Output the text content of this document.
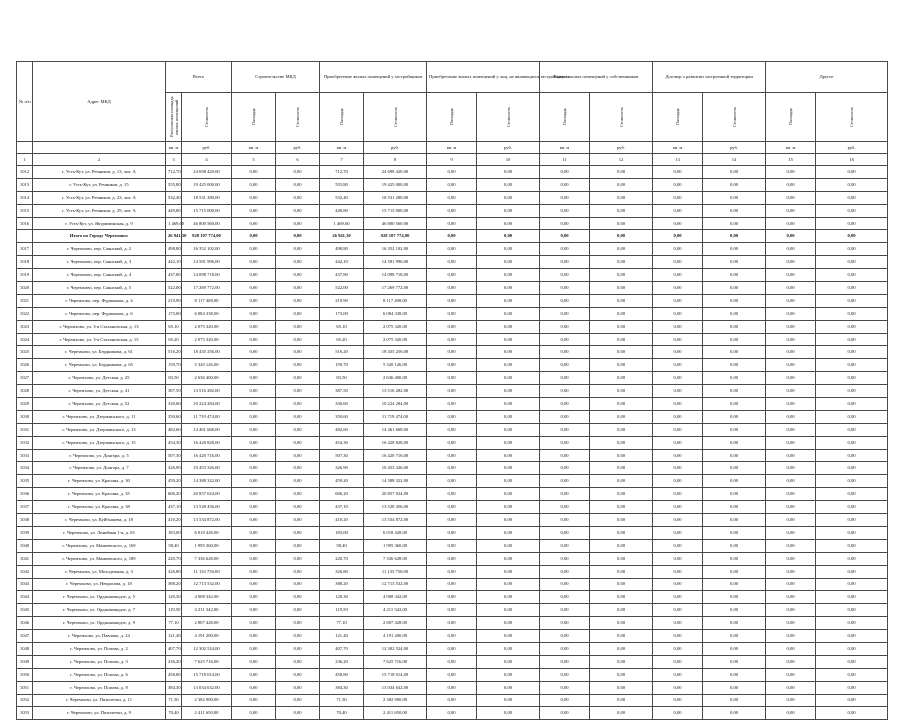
№ п/п	Адрес МКД	Всего		Строительство МКД		Приобретение жилых помещений у застройщиков		Приобретение жилых помещений у лиц, не являющихся застройщиком		Выкуп жилых помещений у собственников		Договор о развитии застроенной территории		Другое	

		Расселяемая площадь жилых помещений	Стоимость	Площадь	Стоимость	Площадь	Стоимость	Площадь	Стоимость	Площадь	Стоимость	Площадь	Стоимость	Площадь	Стоимость

		кв. м	руб.	кв. м	руб.	кв. м	руб.	кв. м	руб.	кв. м	руб.	кв. м	руб.	кв. м	руб.
1	2	3	4	5	6	7	8	9	10	11	12	13	14	15	16
1012	г. Усть-Кут, ул. Речников, д. 13, лит. А	712,70	24 698 420,00	0,00	0,00	712,70	24 698 420,00	0,00	0,00	0,00	0,00	0,00	0,00	0,00	0,00
1013	г. Усть-Кут, ул. Речников, д. 15	555,80	19 425 000,00	0,00	0,00	555,80	19 425 000,00	0,00	0,00	0,00	0,00	0,00	0,00	0,00	0,00
1014	г. Усть-Кут, ул. Речников, д. 23, лит. А	532,40	18 531 280,00	0,00	0,00	532,40	18 531 280,00	0,00	0,00	0,00	0,00	0,00	0,00	0,00	0,00
1015	г. Усть-Кут, ул. Речников, д. 29, лит. А	449,80	15 715 000,00	0,00	0,00	449,80	15 715 000,00	0,00	0,00	0,00	0,00	0,00	0,00	0,00	0,00
1016	г. Усть-Кут, ул. Якуриминская, д. 9	1 469,60	46 800 560,00	0,00	0,00	1 469,60	46 800 560,00	0,00	0,00	0,00	0,00	0,00	0,00	0,00	0,00
	Итого по Городу Черемхово:	26 941,30	928 107 774,00	0,00	0,00	26 941,30	928 107 774,00	0,00	0,00	0,00	0,00	0,00	0,00	0,00	0,00
1017	г. Черемхово, пер. Саянский, д. 2	498,80	16 352 102,00	0,00	0,00	498,80	16 352 102,00	0,00	0,00	0,00	0,00	0,00	0,00	0,00	0,00
1018	г. Черемхово, пер. Саянский, д. 3	442,10	14 581 996,00	0,00	0,00	442,10	14 581 996,00	0,00	0,00	0,00	0,00	0,00	0,00	0,00	0,00
1019	г. Черемхово, пер. Саянский, д. 4	437,80	14 098 718,00	0,00	0,00	437,80	14 098 718,00	0,00	0,00	0,00	0,00	0,00	0,00	0,00	0,00
1020	г. Черемхово, пер. Саянский, д. 5	522,00	17 269 772,00	0,00	0,00	522,00	17 269 772,00	0,00	0,00	0,00	0,00	0,00	0,00	0,00	0,00
1021	г. Черемхово, пер. Фурманова, д. 4	219,90	8 117 408,00	0,00	0,00	219,90	8 117 408,00	0,00	0,00	0,00	0,00	0,00	0,00	0,00	0,00
1022	г. Черемхово, пер. Фурманова, д. 6	173,00	6 084 338,00	0,00	0,00	173,00	6 084 338,00	0,00	0,00	0,00	0,00	0,00	0,00	0,00	0,00
1023	г. Черемхово, ул. 3-я Стахановская, д. 13	65,10	2 075 320,00	0,00	0,00	65,10	2 075 320,00	0,00	0,00	0,00	0,00	0,00	0,00	0,00	0,00
1024	г. Черемхово, ул. 3-я Стахановская, д. 15	65,20	2 075 320,00	0,00	0,00	65,20	2 075 320,00	0,00	0,00	0,00	0,00	0,00	0,00	0,00	0,00
1025	г. Черемхово, ул. Бердникова, д. 61	516,20	18 435 256,00	0,00	0,00	516,20	18 435 256,00	0,00	0,00	0,00	0,00	0,00	0,00	0,00	0,00
1026	г. Черемхово, ул. Бердникова, д. 65	159,70	5 320 126,00	0,00	0,00	159,70	5 320 126,00	0,00	0,00	0,00	0,00	0,00	0,00	0,00	0,00
1027	г. Черемхово, ул. Детская, д. 25	83,50	2 636 400,00	0,00	0,00	83,50	2 636 400,00	0,00	0,00	0,00	0,00	0,00	0,00	0,00	0,00
1028	г. Черемхово, ул. Детская, д. 41	387,50	13 516 282,00	0,00	0,00	387,50	13 516 282,00	0,00	0,00	0,00	0,00	0,00	0,00	0,00	0,00
1029	г. Черемхово, ул. Детская, д. 52	330,60	10 224 284,00	0,00	0,00	330,60	10 224 284,00	0,00	0,00	0,00	0,00	0,00	0,00	0,00	0,00
1030	г. Черемхово, ул. Дзержинского, д. 11	350,60	11 719 474,00	0,00	0,00	350,60	11 719 474,00	0,00	0,00	0,00	0,00	0,00	0,00	0,00	0,00
1031	г. Черемхово, ул. Дзержинского, д. 13	482,60	14 461 668,00	0,00	0,00	482,60	14 461 668,00	0,00	0,00	0,00	0,00	0,00	0,00	0,00	0,00
1032	г. Черемхово, ул. Дзержинского, д. 15	454,30	16 428 828,00	0,00	0,00	454,30	16 428 828,00	0,00	0,00	0,00	0,00	0,00	0,00	0,00	0,00
1033	г. Черемхово, ул. Донгора, д. 5	507,30	16 420 716,00	0,00	0,00	507,30	16 420 716,00	0,00	0,00	0,00	0,00	0,00	0,00	0,00	0,00
1034	г. Черемхово, ул. Донгора, д. 7	326,90	10 453 326,00	0,00	0,00	326,90	10 453 326,00	0,00	0,00	0,00	0,00	0,00	0,00	0,00	0,00
1035	г. Черемхово, ул. Красина, д. 30	459,20	14 388 322,00	0,00	0,00	459,20	14 388 322,00	0,00	0,00	0,00	0,00	0,00	0,00	0,00	0,00
1036	г. Черемхово, ул. Красина, д. 35	606,20	20 857 024,00	0,00	0,00	606,20	20 857 024,00	0,00	0,00	0,00	0,00	0,00	0,00	0,00	0,00
1037	г. Черемхово, ул. Красина, д. 38	437,10	13 528 456,00	0,00	0,00	437,10	13 528 456,00	0,00	0,00	0,00	0,00	0,00	0,00	0,00	0,00
1038	г. Черемхово, ул. Куйбышева, д. 18	410,20	13 534 872,00	0,00	0,00	410,20	13 534 872,00	0,00	0,00	0,00	0,00	0,00	0,00	0,00	0,00
1039	г. Черемхово, ул. Линейная 1-я, д. 65	183,00	6 018 428,00	0,00	0,00	183,00	6 018 428,00	0,00	0,00	0,00	0,00	0,00	0,00	0,00	0,00
1040	г. Черемхово, ул. Мамаевского, д. 169	58,40	1 995 360,00	0,00	0,00	58,40	1 995 360,00	0,00	0,00	0,00	0,00	0,00	0,00	0,00	0,00
1041	г. Черемхово, ул. Мамаевского, д. 189	220,70	7 336 628,00	0,00	0,00	220,70	7 336 628,00	0,00	0,00	0,00	0,00	0,00	0,00	0,00	0,00
1042	г. Черемхово, ул. Молодежная, д. 3	326,80	11 133 750,00	0,00	0,00	326,80	11 133 750,00	0,00	0,00	0,00	0,00	0,00	0,00	0,00	0,00
1043	г. Черемхово, ул. Некрасова, д. 18	388,20	12 713 532,00	0,00	0,00	388,20	12 713 532,00	0,00	0,00	0,00	0,00	0,00	0,00	0,00	0,00
1044	г. Черемхово, ул. Орджоникидзе, д. 5	120,30	4 008 342,00	0,00	0,00	120,30	4 008 342,00	0,00	0,00	0,00	0,00	0,00	0,00	0,00	0,00
1045	г. Черемхово, ул. Орджоникидзе, д. 7	119,50	4 211 342,00	0,00	0,00	119,50	4 211 342,00	0,00	0,00	0,00	0,00	0,00	0,00	0,00	0,00
1046	г. Черемхово, ул. Орджоникидзе, д. 9	77,10	2 807 428,00	0,00	0,00	77,10	2 807 428,00	0,00	0,00	0,00	0,00	0,00	0,00	0,00	0,00
1047	г. Черемхово, ул. Павлова, д. 24	121,40	4 191 200,00	0,00	0,00	121,40	4 191 200,00	0,00	0,00	0,00	0,00	0,00	0,00	0,00	0,00
1048	г. Черемхово, ул. Попова, д. 2	407,70	12 302 524,00	0,00	0,00	407,70	12 302 524,00	0,00	0,00	0,00	0,00	0,00	0,00	0,00	0,00
1049	г. Черемхово, ул. Попова, д. 3	236,20	7 625 716,00	0,00	0,00	236,20	7 625 716,00	0,00	0,00	0,00	0,00	0,00	0,00	0,00	0,00
1050	г. Черемхово, ул. Попова, д. 6	458,80	15 718 014,00	0,00	0,00	458,80	15 718 014,00	0,00	0,00	0,00	0,00	0,00	0,00	0,00	0,00
1051	г. Черемхово, ул. Попова, д. 8	384,30	13 034 632,00	0,00	0,00	384,30	13 034 632,00	0,00	0,00	0,00	0,00	0,00	0,00	0,00	0,00
1052	г. Черемхово, ул. Пятилетки, д. 11	71,30	2 382 900,00	0,00	0,00	71,30	2 382 900,00	0,00	0,00	0,00	0,00	0,00	0,00	0,00	0,00
1053	г. Черемхово, ул. Пятилетки, д. 9	70,40	2 411 650,00	0,00	0,00	70,40	2 411 650,00	0,00	0,00	0,00	0,00	0,00	0,00	0,00	0,00
